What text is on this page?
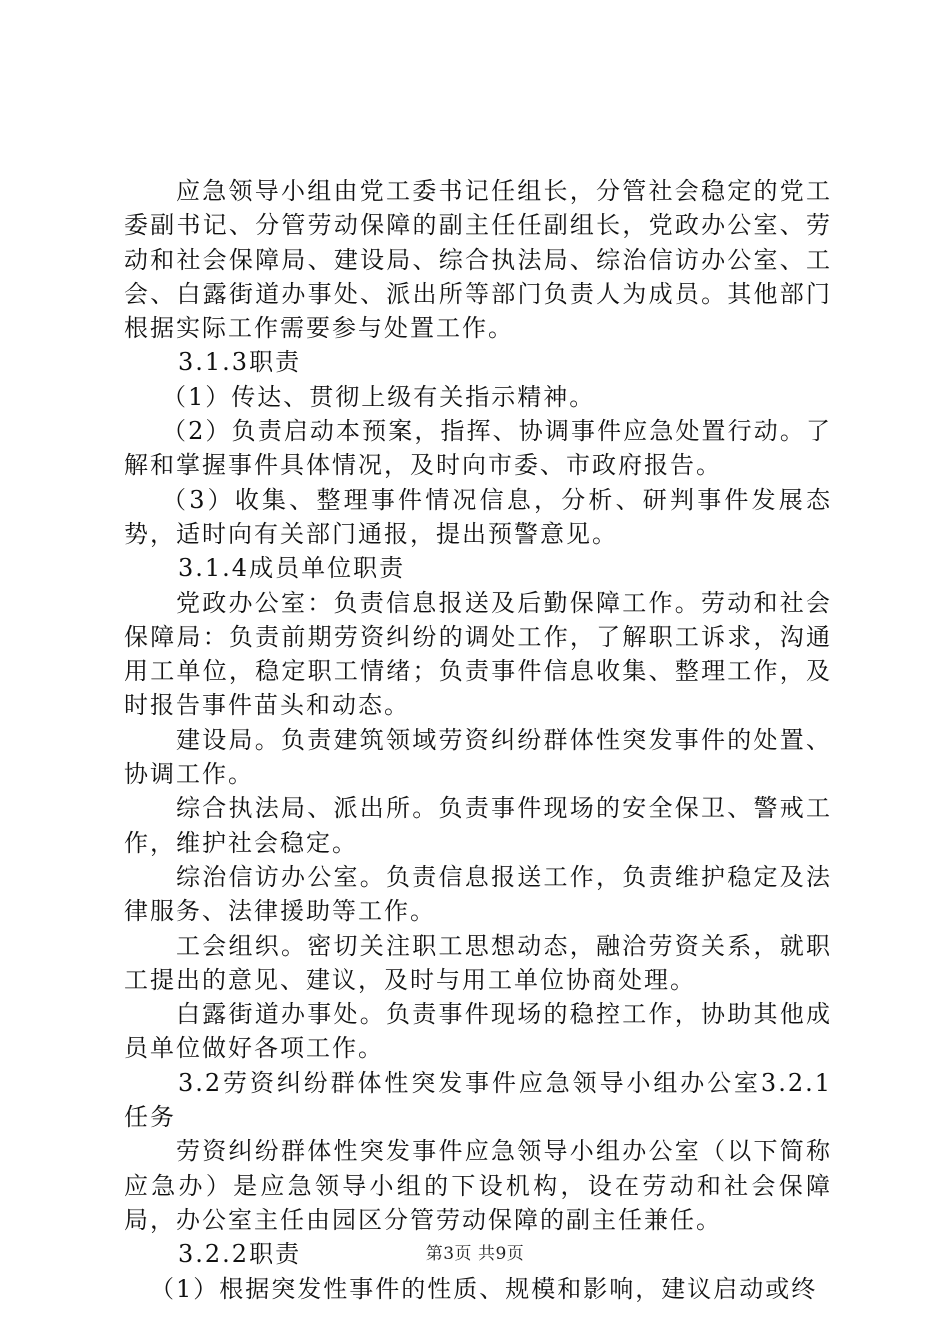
应急领导小组由党工委书记任组长，分管社会稳定的党工委副书记、分管劳动保障的副主任任副组长，党政办公室、劳动和社会保障局、建设局、综合执法局、综治信访办公室、工会、白露街道办事处、派出所等部门负责人为成员。其他部门根据实际工作需要参与处置工作。

3.1.3职责

（1）传达、贯彻上级有关指示精神。

（2）负责启动本预案，指挥、协调事件应急处置行动。了解和掌握事件具体情况，及时向市委、市政府报告。

（3）收集、整理事件情况信息，分析、研判事件发展态势，适时向有关部门通报，提出预警意见。

3.1.4成员单位职责

党政办公室：负责信息报送及后勤保障工作。劳动和社会保障局：负责前期劳资纠纷的调处工作，了解职工诉求，沟通用工单位，稳定职工情绪；负责事件信息收集、整理工作，及时报告事件苗头和动态。

建设局。负责建筑领域劳资纠纷群体性突发事件的处置、协调工作。

综合执法局、派出所。负责事件现场的安全保卫、警戒工作，维护社会稳定。

综治信访办公室。负责信息报送工作，负责维护稳定及法律服务、法律援助等工作。

工会组织。密切关注职工思想动态，融洽劳资关系，就职工提出的意见、建议，及时与用工单位协商处理。

白露街道办事处。负责事件现场的稳控工作，协助其他成员单位做好各项工作。

3.2劳资纠纷群体性突发事件应急领导小组办公室3.2.1任务

劳资纠纷群体性突发事件应急领导小组办公室（以下简称应急办）是应急领导小组的下设机构，设在劳动和社会保障局，办公室主任由园区分管劳动保障的副主任兼任。

3.2.2职责

（1）根据突发性事件的性质、规模和影响，建议启动或终

第3页 共9页
